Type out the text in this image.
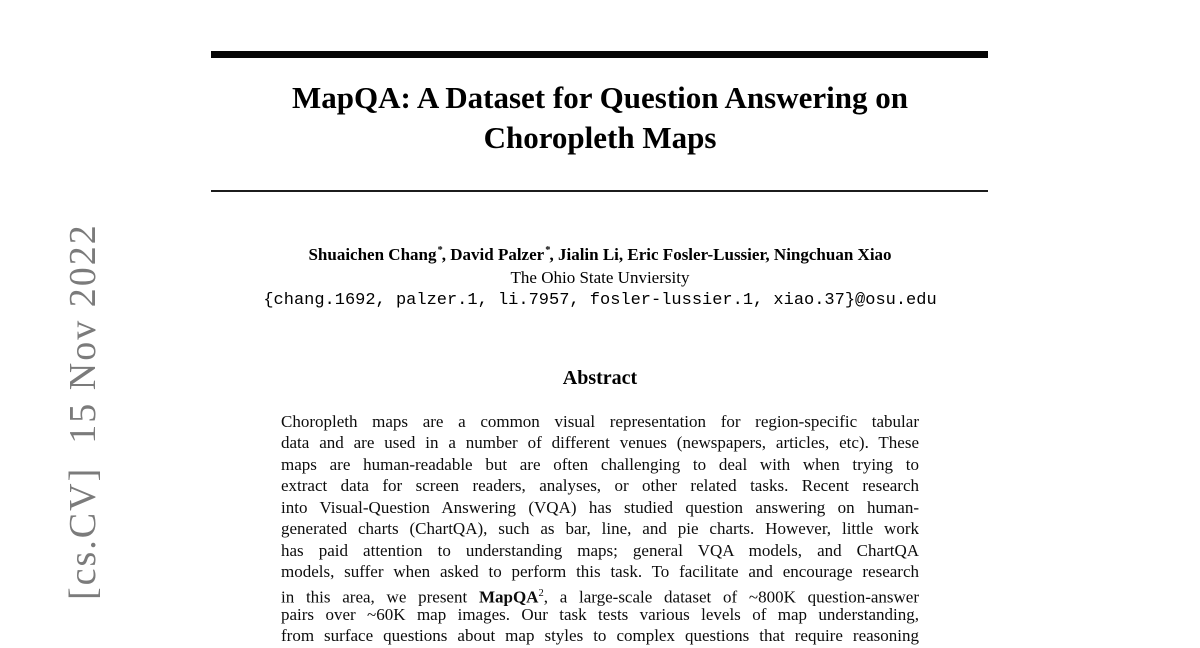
[cs.CV]  15 Nov 2022

MapQA: A Dataset for Question Answering on
Choropleth Maps
Shuaichen Chang*, David Palzer*, Jialin Li, Eric Fosler-Lussier, Ningchuan Xiao
The Ohio State Unviersity
{chang.1692, palzer.1, li.7957, fosler-lussier.1, xiao.37}@osu.edu
Abstract
Choropleth maps are a common visual representation for region-specific tabular
data and are used in a number of different venues (newspapers, articles, etc). These
maps are human-readable but are often challenging to deal with when trying to
extract data for screen readers, analyses, or other related tasks. Recent research
into Visual-Question Answering (VQA) has studied question answering on human-
generated charts (ChartQA), such as bar, line, and pie charts. However, little work
has paid attention to understanding maps; general VQA models, and ChartQA
models, suffer when asked to perform this task. To facilitate and encourage research
in this area, we present MapQA$^2$, a large-scale dataset of ~800K question-answer
pairs over ~60K map images. Our task tests various levels of map understanding,
from surface questions about map styles to complex questions that require reasoning
